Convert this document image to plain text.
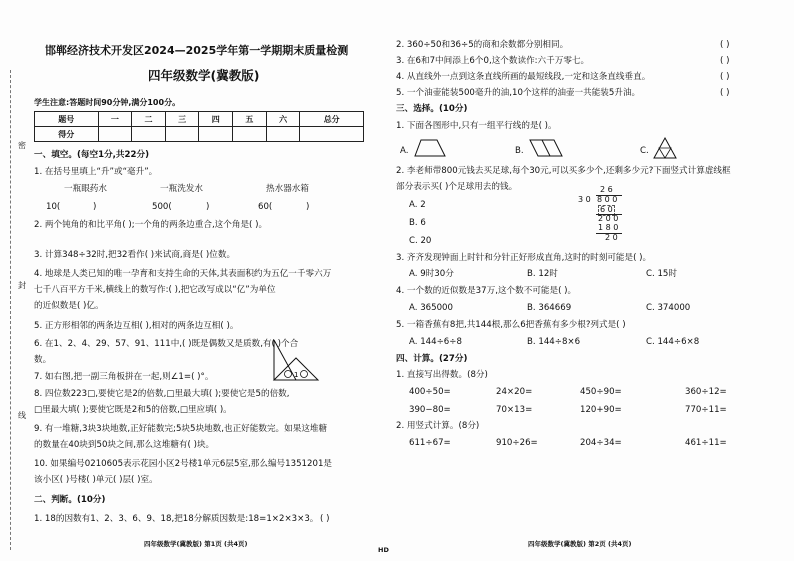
密
封
线
邯郸经济技术开发区2024—2025学年第一学期期末质量检测
四年级数学(冀教版)
学生注意:答题时间90分钟,满分100分。
题号	一	二	三	四	五	六	总分
得分							
一、填空。(每空1分,共22分)
1. 在括号里填上“升”或“毫升”。
一瓶眼药水	一瓶洗发水	热水器水箱
10(	)	500(	)	60(	)
2. 两个钝角的和比平角( );一个角的两条边重合,这个角是( )。
3. 计算348÷32时,把32看作( )来试商,商是( )位数。
4. 地球是人类已知的唯一孕育和支持生命的天体,其表面积约为五亿一千零六万
七千八百平方千米,横线上的数写作:( ),把它改写成以“亿”为单位
的近似数是( )亿。
5. 正方形相邻的两条边互相( ),相对的两条边互相( )。
6. 在1、2、4、29、57、91、111中,( )既是偶数又是质数,有( )个合
数。
7. 如右图,把一副三角板拼在一起,则∠1=( )°。	1
8. 四位数223□,要使它是2的倍数,□里最大填( );要使它是5的倍数,
□里最大填( );要使它既是2和5的倍数,□里应填( )。
9. 有一堆糖,3块3块地数,正好能数完;5块5块地数,也正好能数完。如果这堆糖
的数量在40块到50块之间,那么这堆糖有( )块。
10. 如果编号0210605表示花园小区2号楼1单元6层5室,那么编号1351201是
该小区( )号楼( )单元( )层( )室。
二、判断。(10分)
1. 18的因数有1、2、3、6、9、18,把18分解质因数是:18=1×2×3×3。 ( )
四年级数学(冀教版) 第1页 (共4页)
HD
2. 360÷50和36÷5的商和余数都分别相同。	( )
3. 在6和7中间添上6个0,这个数读作:六千万零七。	( )
4. 从直线外一点到这条直线所画的最短线段,一定和这条直线垂直。	( )
5. 一个油壶能装500毫升的油,10个这样的油壶一共能装5升油。	( )
三、选择。(10分)
1. 下面各图形中,只有一组平行线的是( )。
A.	B.	C.
2. 李老师带800元钱去买足球,每个30元,可以买多少个,还剩多少元?下面竖式计算虚线框
部分表示买( )个足球用去的钱。
A. 2
B. 6
C. 20
2 6
3 0 8 0 0
6 0
2 0 0
1 8 0
2 0
3. 齐齐发现钟面上时针和分针正好形成直角,这时的时刻可能是( )。
A. 9时30分	B. 12时	C. 15时
4. 一个数的近似数是37万,这个数不可能是( )。
A. 365000	B. 364669	C. 374000
5. 一箱香蕉有8把,共144根,那么6把香蕉有多少根?列式是( )
A. 144÷6÷8	B. 144÷8×6	C. 144÷6×8
四、计算。(27分)
1. 直接写出得数。(8分)
400÷50=	24×20=	450÷90=	360÷12=
390−80=	70×13=	120+90=	770÷11=
2. 用竖式计算。(8分)
611÷67=	910÷26=	204÷34=	461÷11=
四年级数学(冀教版) 第2页 (共4页)
